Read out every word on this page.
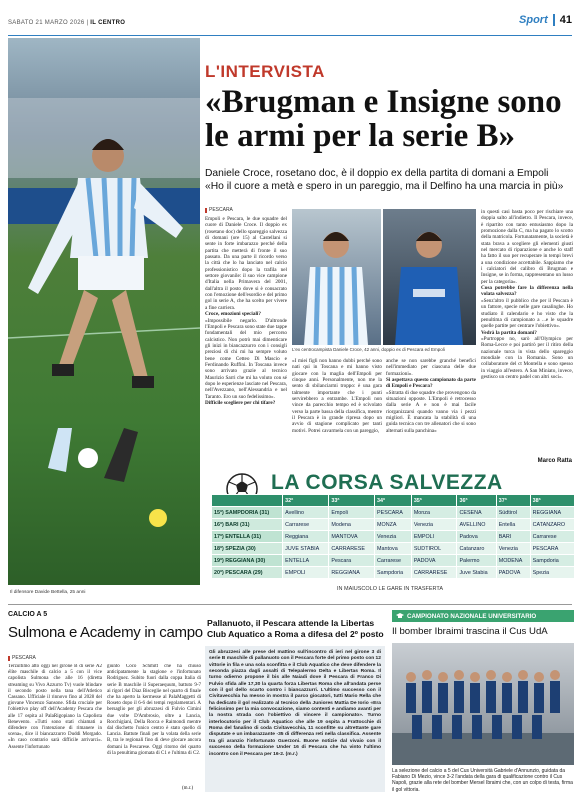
SABATO 21 MARZO 2026 | IL CENTRO	Sport 41
Il difensore Davide Bettella, 25 anni
L'INTERVISTA
«Brugman e Insigne sono
le armi per la serie B»
Daniele Croce, rosetano doc, è il doppio ex della partita di domani a Empoli
«Ho il cuore a metà e spero in un pareggio, ma il Delfino ha una marcia in più»
PESCARA

Empoli e Pescara, le due squadre del cuore di Daniele Croce. Il doppio ex (rosetano doc) dello spareggio salvezza di domani (ore 15) al Castellani si sente in forte imbarazzo perché della partita che metterà di fronte il suo passato. Da una parte il ricordo verso la città che lo ha lanciato nel calcio professionistico dopo la trafila nel settore giovanile: il suo vice campione d'Italia nella Primavera del 2001, dall'altra il posto dove si è consacrato con l'emozione dell'esordio e del primo gol in serie A, che ha scelto per vivere a fine carriera.

Croce, emozioni speciali?

«Impossibile negarlo. D'altronde l'Empoli e Pescara sono state due tappe fondamentali del mio percorso calcistico. Non potrò mai dimenticare gli inizi in biancazzurro con i consigli preziosi di chi mi ha sempre voluto bene come Cetteo Di Mascio e Ferdinando Ruffini. In Toscana invece sono arrivato grazie al tecnico Maurizio Sarri che mi ha voluto con sé dopo le esperienze lasciate nel Pescara, nell'Avezzano, nell'Alessandria e nel Taranto. Ero un suo fedelissimo».

Difficile scegliere per chi tifare?

L'ex centrocampista Daniele Croce, 42 anni, doppio ex di Pescara ed Empoli

«I miei figli non hanno dubbi perché sono nati qui in Toscana e mi hanno visto giocare con la maglia dell'Empoli per cinque anni. Personalmente, non me la sento di sbilanciarmi troppo: è una gara talmente importante che i punti servirebbero a entrambe. L'Empoli non vince da parecchio tempo ed è scivolato verso la parte bassa della classifica, mentre il Pescara è in grande ripresa dopo un avvio di stagione complicato per tanti motivi. Potrei cavarmela con un pareggio,

anche se non sarebbe granché benefici nell'immediato per ciascuna delle due formazioni».

Si aspettava questo campionato da parte di Empoli e Pescara?

«Sitratta di due squadre che provengono da situazioni opposte. L'Empoli è retrocesso dalla serie A e non è mai facile riorganizzarsi quando vanno via i pezzi migliori. È mancata la stabilità di una guida tecnica con tre allenatori che si sono alternati sulla panchina»

in questi casi basta poco per rischiare una doppia salto all'indietro. Il Pescara, invece, è ripartito con tanto entusiasmo dopo la promozione dalla C, ma ha pagato lo scotto della matricola. Fortunatamente, la società è stata brava a scegliere gli elementi giusti nel mercato di riparazione e anche lo staff ha fatto il suo per recuperare in tempi brevi a una condizione accettabile. Sappiamo che i calciatori del calibro di Brugman e Insigne, se in forma, rappresentano un lusso per la categoria».

Cosa potrebbe fare la differenza nella volata salvezza?

«Senz'altro il pubblico che per il Pescara è un fattore, specie nelle gare casalinghe. Ho studiato il calendario e ho visto che la penultima di campionato a ...e le squadre quelle partite per centrare l'obiettivo».

Vedrà la partita domani?

«Purtroppo no, sarò all'Olympico per Roma-Lecce e poi partirò per il ritiro della nazionale turca in vista dello spareggio mondiale con la Romania. Sono un collaboratore del ct Montella e sono spesso in viaggio all'estero. A San Miniato, invece, gestisco un centro padel con altri soci».

Marco Ratta
LA CORSA SALVEZZA
	32ª	33ª	34ª	35ª	36ª	37ª	38ª
15ª) SAMPDORIA (31)	Avellino	Empoli	PESCARA	Monza	CESENA	Südtirol	REGGIANA
16ª) BARI (31)	Carrarese	Modena	MONZA	Venezia	AVELLINO	Entella	CATANZARO
17ª) ENTELLA (31)	Reggiana	MANTOVA	Venezia	EMPOLI	Padova	BARI	Carrarese
18ª) SPEZIA (30)	JUVE STABIA	CARRARESE	Mantova	SUDTIROL	Catanzaro	Venezia	PESCARA
19ª) REGGIANA (30)	ENTELLA	Pescara	Carrarese	PADOVA	Palermo	MODENA	Sampdoria
20ª) PESCARA (29)	EMPOLI	REGGIANA	Sampdoria	CARRARESE	Juve Stabia	PADOVA	Spezia
IN MAIUSCOLO LE GARE IN TRASFERTA
CALCIO A 5
Sulmona e Academy in campo
PESCARA
Terzultimo atto oggi nel girone B di serie A2 élite maschile di calcio a 5 con il vice capolista Sulmona che alle 16 (diretta streaming su Vivo Azzurro Tv) vuole blindare il secondo posto nella tana dell'Atletico Cassano. Ufficiale il rinnovo fino al 2028 del giovane Vincenzo Sansone. Sfida cruciale per l'obiettivo play off dell'Academy Pescara che alle 17 ospita al PalaRigopiano la Capolista Benevento. «Tutti sono stati chiamati a difendere con l'intenzione di rimanere in scena», dice il biancazzurro Duddi Morgado. «In caso contrario sarà difficile arrivarci». Assente l'infortunato
giunto Coco Schmitt che ha chiuso anticipatamente la stagione e l'infortunato Rodriguez. Subito fuori dalla coppa Italia di serie B maschile il Superaequum, battuto 9-7 ai rigori del Diaz Bisceglie nel quarto di finale che ha aperto la kermesse al PalaMaggetti di Roseto dopo il 6-6 dei tempi regolamentari. A bersaglio per gli abruzzesi di Fulvio Cimini due volte D'Ambrosio, oltre a Lancia, Rocchigiani, Della Rocca e Raimondi mentre dal dischetto l'unico centro è stato quello di Lancia. Battute finali per la volata della serie B, tra le regionali fino di deve giocare ancora domani la Pescarese. Oggi ritorno del quarto di la penultima giornata di C1 e l'ultima di C2.
(m.r.)
Pallanuoto, il Pescara attende la Libertas
Club Aquatico a Roma a difesa del 2º posto
Gli abruzzesi alle prese del mattino sull'incontro di ieri nel girone 3 di serie B maschile di pallanuoto con il Pescara forte del primo posto con 12 vittorie in fila e una sola sconfitta e il Club Aquatico che deve difendere la seconda piazza dagli assalti di Telepalermo Delta e Libertas Roma. Il turno odierno propone il bis alle Naiadi dove il Pescara di Franco Di Fulvio sfida alle 17,30 la quarta forza Libertas Roma che all'andata perse con il gol dello scarto contro i biancazzurri. L'ultimo successo con il Civitavecchia ha messo in mostra il parco giocatori, tutti Mario Rella che ha dedicato il gol realizzato al tecnico della Juniores Mattia De Iorio «Era felicissimo per la mia convocazione, siamo contenti e andiamo avanti per la nostra strada con l'obiettivo di vincere il campionato». Turno interlocutorio per il Club Aquatico che alle 19 ospita a Frattocchie di Roma del fanalino di coda Civitavecchia, 11 sconfitte su altrettante gare disputate e un imbarazzante -35 di differenza reti nella classifica. Assente tra gli aranzio l'infortunato Guerzoni. Buone notizie dal vivaio con il successo della formazione Under 16 di Pescara che ha vinto l'ultimo incontro con il Pescara per 16-2. (m.r.)
CAMPIONATO NAZIONALE UNIVERSITARIO
Il bomber Ibraimi trascina il Cus UdA
La selezione del calcio a 5 del Cus Università Gabriele d'Annunzio, guidata da Fabiano Di Mezio, vince 3-2 l'andata della gara di qualificazione contro il Cus Napoli, grazie alla rete del bomber Mersel Ibraimi che, con un colpo di testa, firma il gol vittoria.
